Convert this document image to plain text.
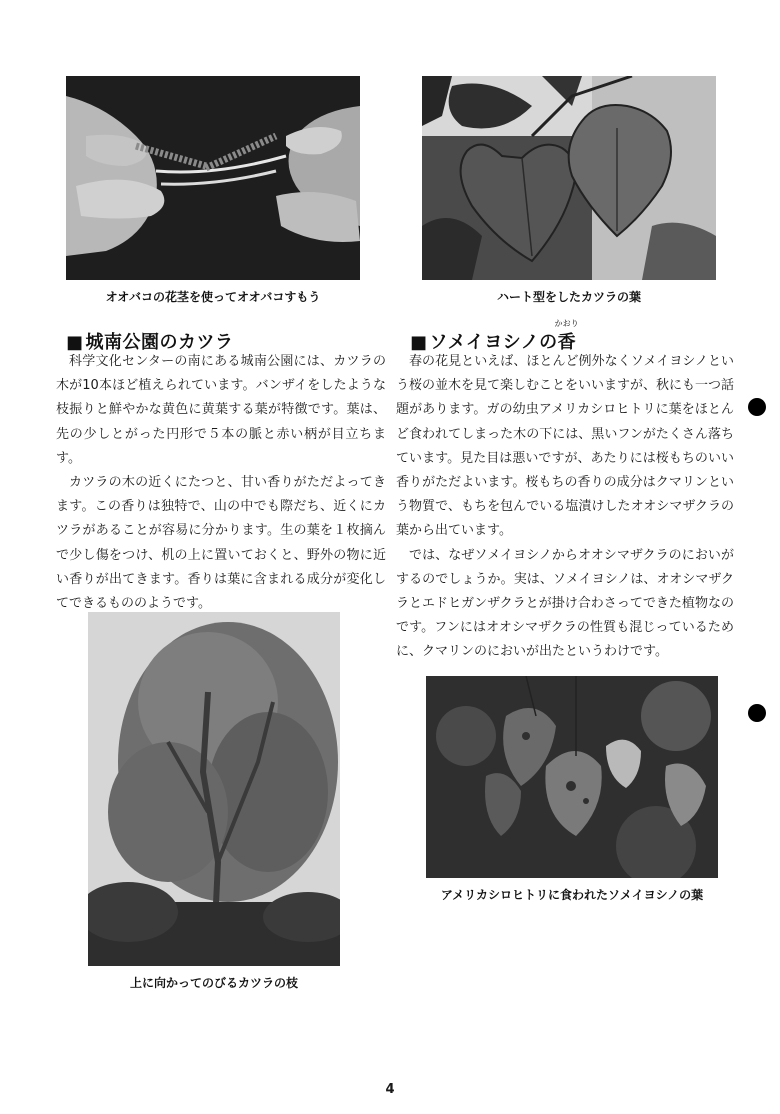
オオバコの花茎を使ってオオバコすもう	ハート型をしたカツラの葉
■ 城南公園のカツラ

科学文化センターの南にある城南公園には、カツラの木が10本ほど植えられています。バンザイをしたような枝振りと鮮やかな黄色に黄葉する葉が特徴です。葉は、先の少しとがった円形で５本の脈と赤い柄が目立ちます。

カツラの木の近くにたつと、甘い香りがただよってきます。この香りは独特で、山の中でも際だち、近くにカツラがあることが容易に分かります。生の葉を１枚摘んで少し傷をつけ、机の上に置いておくと、野外の物に近い香りが出てきます。香りは葉に含まれる成分が変化してできるもののようです。

上に向かってのびるカツラの枝
■ ソメイヨシノの
かおり
香

春の花見といえば、ほとんど例外なくソメイヨシノという桜の並木を見て楽しむことをいいますが、秋にも一つ話題があります。ガの幼虫アメリカシロヒトリに葉をほとんど食われてしまった木の下には、黒いフンがたくさん落ちています。見た目は悪いですが、あたりには桜もちのいい香りがただよいます。桜もちの香りの成分はクマリンという物質で、もちを包んでいる塩漬けしたオオシマザクラの葉から出ています。

では、なぜソメイヨシノからオオシマザクラのにおいがするのでしょうか。実は、ソメイヨシノは、オオシマザクラとエドヒガンザクラとが掛け合わさってできた植物なのです。フンにはオオシマザクラの性質も混じっているために、クマリンのにおいが出たというわけです。

アメリカシロヒトリに食われたソメイヨシノの葉
4
